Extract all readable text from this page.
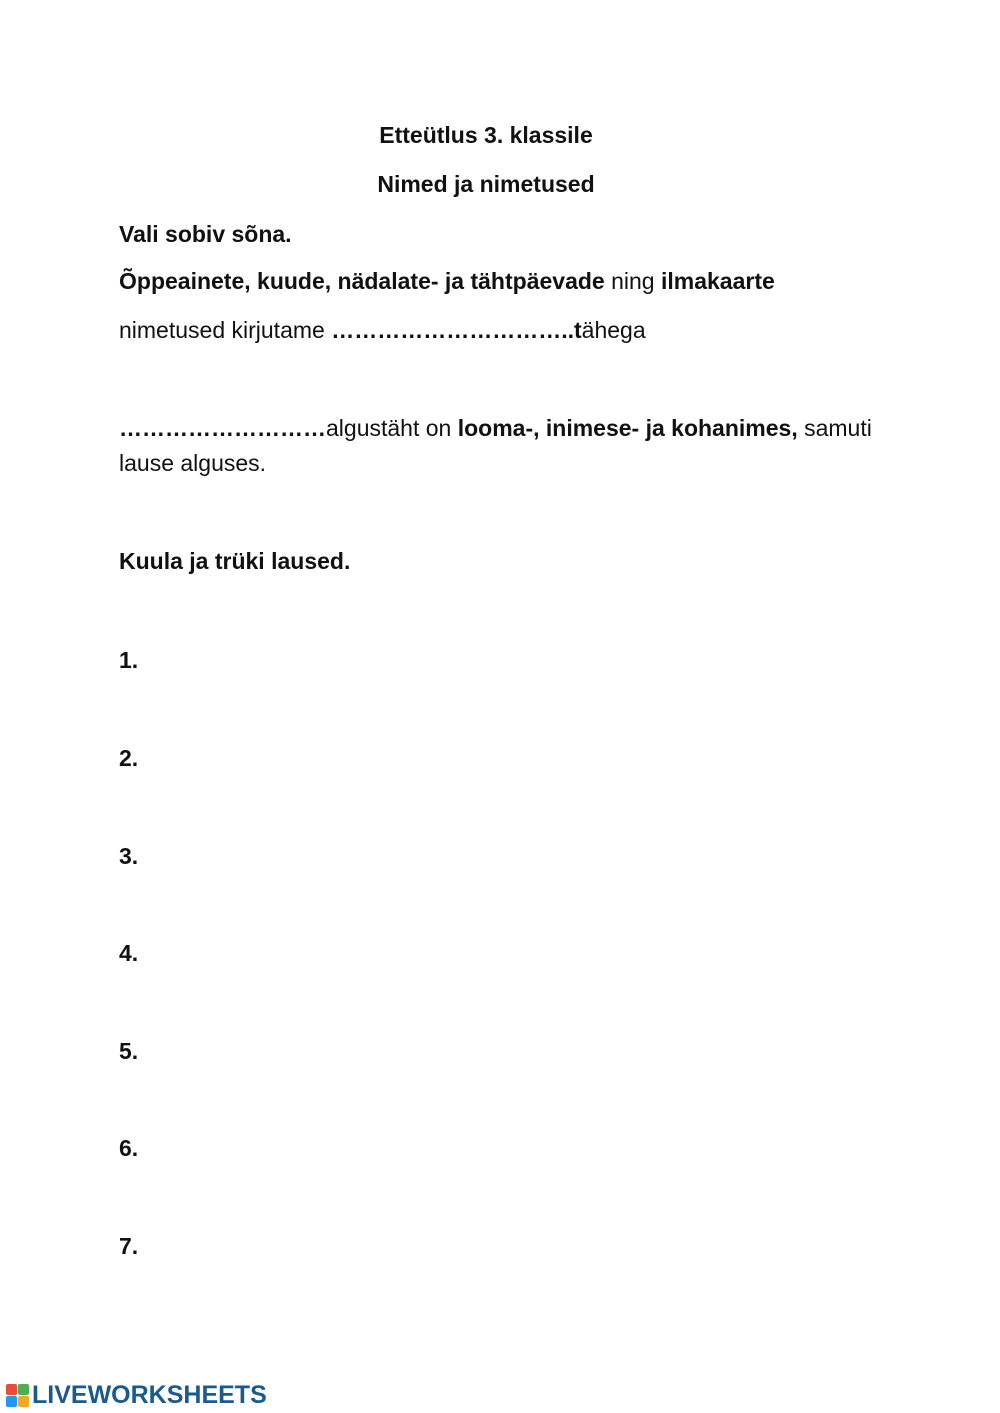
Etteütlus 3. klassile
Nimed ja nimetused
Vali sobiv sõna.
Õppeainete, kuude, nädalate- ja tähtpäevade ning ilmakaarte
nimetused kirjutame …………………………..tähega
………………………algustäht on looma-, inimese- ja kohanimes, samuti lause alguses.
Kuula ja trüki laused.
1.
2.
3.
4.
5.
6.
7.
LIVEWORKSHEETS
